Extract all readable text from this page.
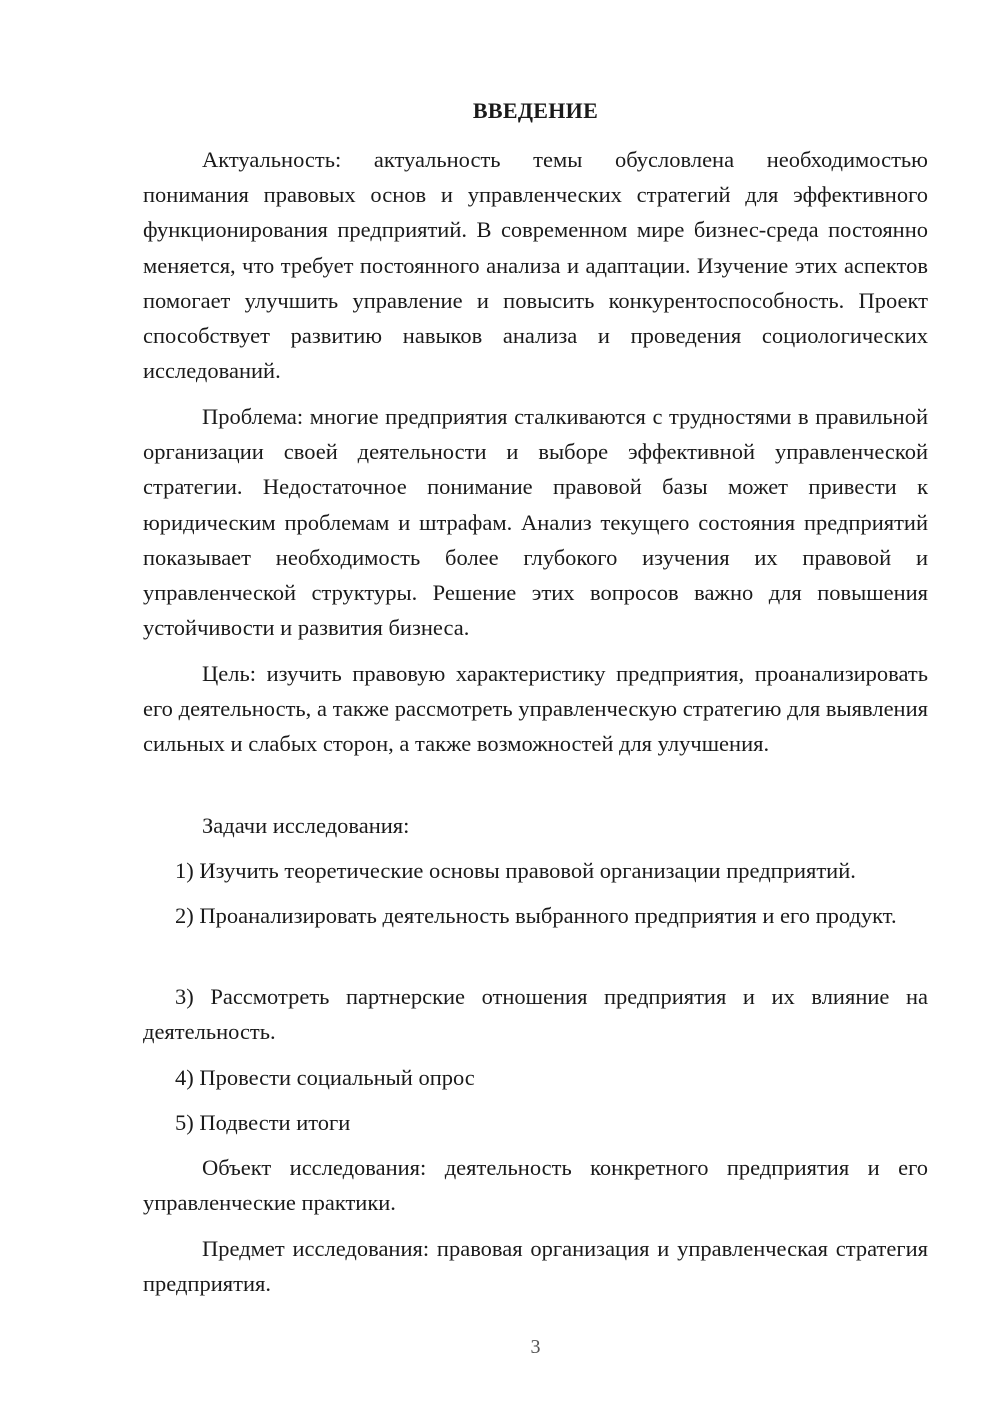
ВВЕДЕНИЕ

Актуальность: актуальность темы обусловлена необходимостью понимания правовых основ и управленческих стратегий для эффективного функционирования предприятий. В современном мире бизнес-среда постоянно меняется, что требует постоянного анализа и адаптации. Изучение этих аспектов помогает улучшить управление и повысить конкурентоспособность. Проект способствует развитию навыков анализа и проведения социологических исследований.

Проблема: многие предприятия сталкиваются с трудностями в правильной организации своей деятельности и выборе эффективной управленческой стратегии. Недостаточное понимание правовой базы может привести к юридическим проблемам и штрафам. Анализ текущего состояния предприятий показывает необходимость более глубокого изучения их правовой и управленческой структуры. Решение этих вопросов важно для повышения устойчивости и развития бизнеса.

Цель: изучить правовую характеристику предприятия, проанализировать его деятельность, а также рассмотреть управленческую стратегию для выявления сильных и слабых сторон, а также возможностей для улучшения.

Задачи исследования:

1) Изучить теоретические основы правовой организации предприятий.

2) Проанализировать деятельность выбранного предприятия и его продукт.

3) Рассмотреть партнерские отношения предприятия и их влияние на деятельность.

4) Провести социальный опрос

5) Подвести итоги

Объект исследования: деятельность конкретного предприятия и его управленческие практики.

Предмет исследования: правовая организация и управленческая стратегия предприятия.

3
